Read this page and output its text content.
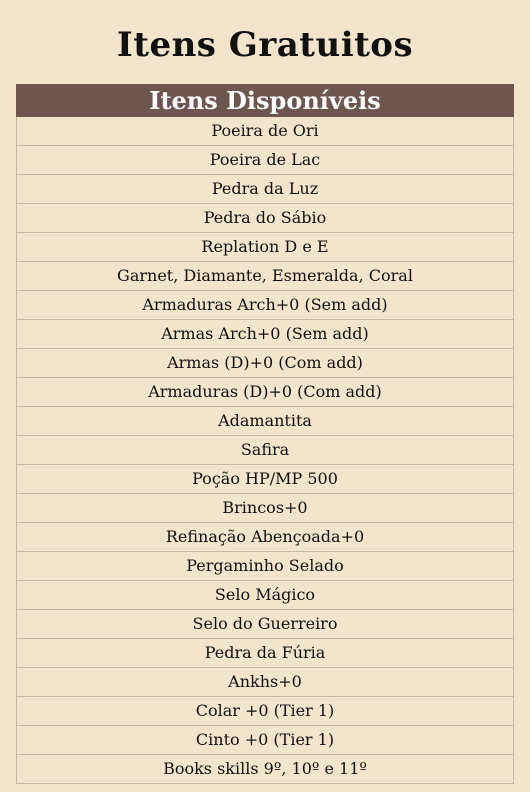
Itens Gratuitos
Itens Disponíveis
Poeira de Ori
Poeira de Lac
Pedra da Luz
Pedra do Sábio
Replation D e E
Garnet, Diamante, Esmeralda, Coral
Armaduras Arch+0 (Sem add)
Armas Arch+0 (Sem add)
Armas (D)+0 (Com add)
Armaduras (D)+0 (Com add)
Adamantita
Safira
Poção HP/MP 500
Brincos+0
Refinação Abençoada+0
Pergaminho Selado
Selo Mágico
Selo do Guerreiro
Pedra da Fúria
Ankhs+0
Colar +0 (Tier 1)
Cinto +0 (Tier 1)
Books skills 9º, 10º e 11º
